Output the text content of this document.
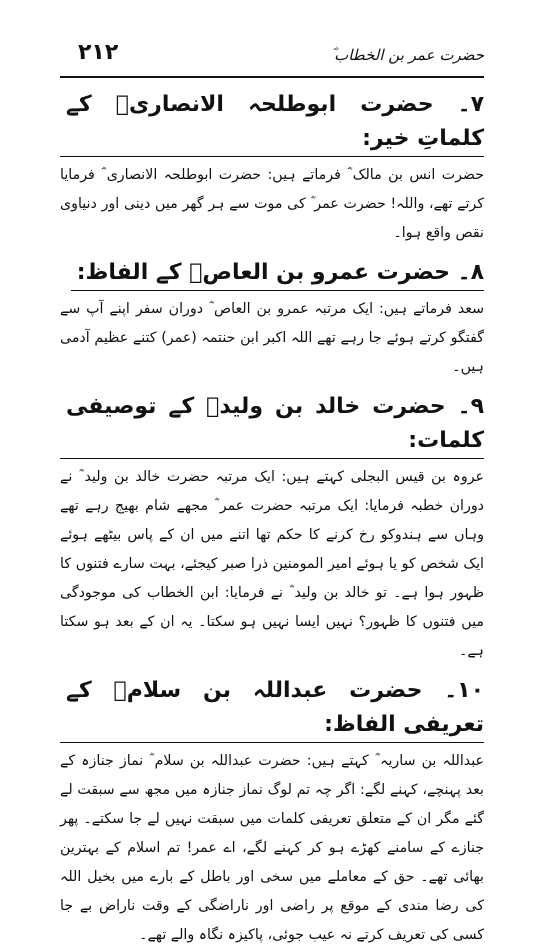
حضرت عمر بن الخطاب ؓ
۲۱۲
۷۔ حضرت ابوطلحہ الانصاریؓ کے کلماتِ خیر:

حضرت انس بن مالک ؓ فرماتے ہیں: حضرت ابوطلحہ الانصاری ؓ فرمایا کرتے تھے، واللہ! حضرت عمر ؓ کی موت سے ہر گھر میں دینی اور دنیاوی نقص واقع ہوا۔

۸۔ حضرت عمرو بن العاصؓ کے الفاظ:

سعد فرماتے ہیں: ایک مرتبہ عمرو بن العاص ؓ دوران سفر اپنے آپ سے گفتگو کرتے ہوئے جا رہے تھے اللہ اکبر ابن حنتمہ (عمر) کتنے عظیم آدمی ہیں۔

۹۔ حضرت خالد بن ولیدؓ کے توصیفی کلمات:

عروہ بن قیس البجلی کہتے ہیں: ایک مرتبہ حضرت خالد بن ولید ؓ نے دوران خطبہ فرمایا: ایک مرتبہ حضرت عمر ؓ مجھے شام بھیج رہے تھے وہاں سے ہندوکو رخ کرنے کا حکم تھا اتنے میں ان کے پاس بیٹھے ہوئے ایک شخص کو یا ہوئے امیر المومنین ذرا صبر کیجئے، بہت سارے فتنوں کا ظہور ہوا ہے۔ تو خالد بن ولید ؓ نے فرمایا: ابن الخطاب کی موجودگی میں فتنوں کا ظہور؟ نہیں ایسا نہیں ہو سکتا۔ یہ ان کے بعد ہو سکتا ہے۔

۱۰۔ حضرت عبداللہ بن سلامؓ کے تعریفی الفاظ:

عبداللہ بن ساریہ ؓ کہتے ہیں: حضرت عبداللہ بن سلام ؓ نماز جنازہ کے بعد پہنچے، کہنے لگے: اگر چہ تم لوگ نماز جنازہ میں مجھ سے سبقت لے گئے مگر ان کے متعلق تعریفی کلمات میں سبقت نہیں لے جا سکتے۔ پھر جنازے کے سامنے کھڑے ہو کر کہنے لگے، اے عمر! تم اسلام کے بہترین بھائی تھے۔ حق کے معاملے میں سخی اور باطل کے بارے میں بخیل اللہ کی رضا مندی کے موقع پر راضی اور ناراضگی کے وقت ناراض بے جا کسی کی تعریف کرتے نہ عیب جوئی، پاکیزہ نگاہ والے تھے۔
